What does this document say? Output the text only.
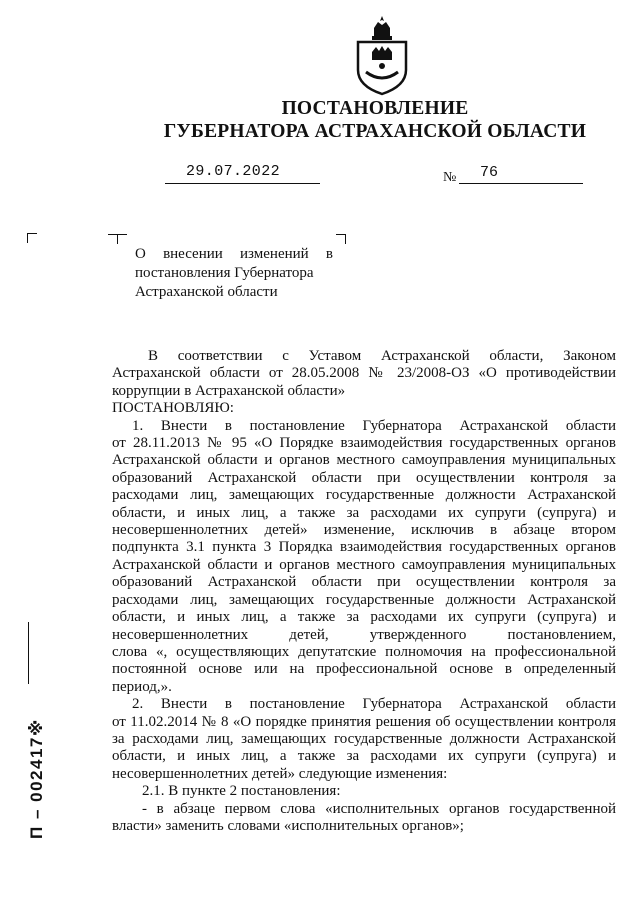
ПОСТАНОВЛЕНИЕ
ГУБЕРНАТОРА АСТРАХАНСКОЙ ОБЛАСТИ
29.07.2022	№ 76
О внесении изменений в
постановления Губернатора
Астраханской области
В соответствии с Уставом Астраханской области, Законом
Астраханской области от 28.05.2008 № 23/2008-ОЗ «О противодействии
коррупции в Астраханской области»
ПОСТАНОВЛЯЮ:
1. Внести в постановление Губернатора Астраханской области
от 28.11.2013 № 95 «О Порядке взаимодействия государственных органов
Астраханской области и органов местного самоуправления муниципальных
образований Астраханской области при осуществлении контроля за
расходами лиц, замещающих государственные должности Астраханской
области, и иных лиц, а также за расходами их супруги (супруга) и
несовершеннолетних детей» изменение, исключив в абзаце втором
подпункта 3.1 пункта 3 Порядка взаимодействия государственных органов
Астраханской области и органов местного самоуправления муниципальных
образований Астраханской области при осуществлении контроля за
расходами лиц, замещающих государственные должности Астраханской
области, и иных лиц, а также за расходами их супруги (супруга) и
несовершеннолетних детей, утвержденного постановлением,
слова «, осуществляющих депутатские полномочия на профессиональной
постоянной основе или на профессиональной основе в определенный
период,».
2. Внести в постановление Губернатора Астраханской области
от 11.02.2014 № 8 «О порядке принятия решения об осуществлении контроля
за расходами лиц, замещающих государственные должности Астраханской
области, и иных лиц, а также за расходами их супруги (супруга) и
несовершеннолетних детей» следующие изменения:
2.1. В пункте 2 постановления:
- в абзаце первом слова «исполнительных органов государственной
власти» заменить словами «исполнительных органов»;
П – 002417※
